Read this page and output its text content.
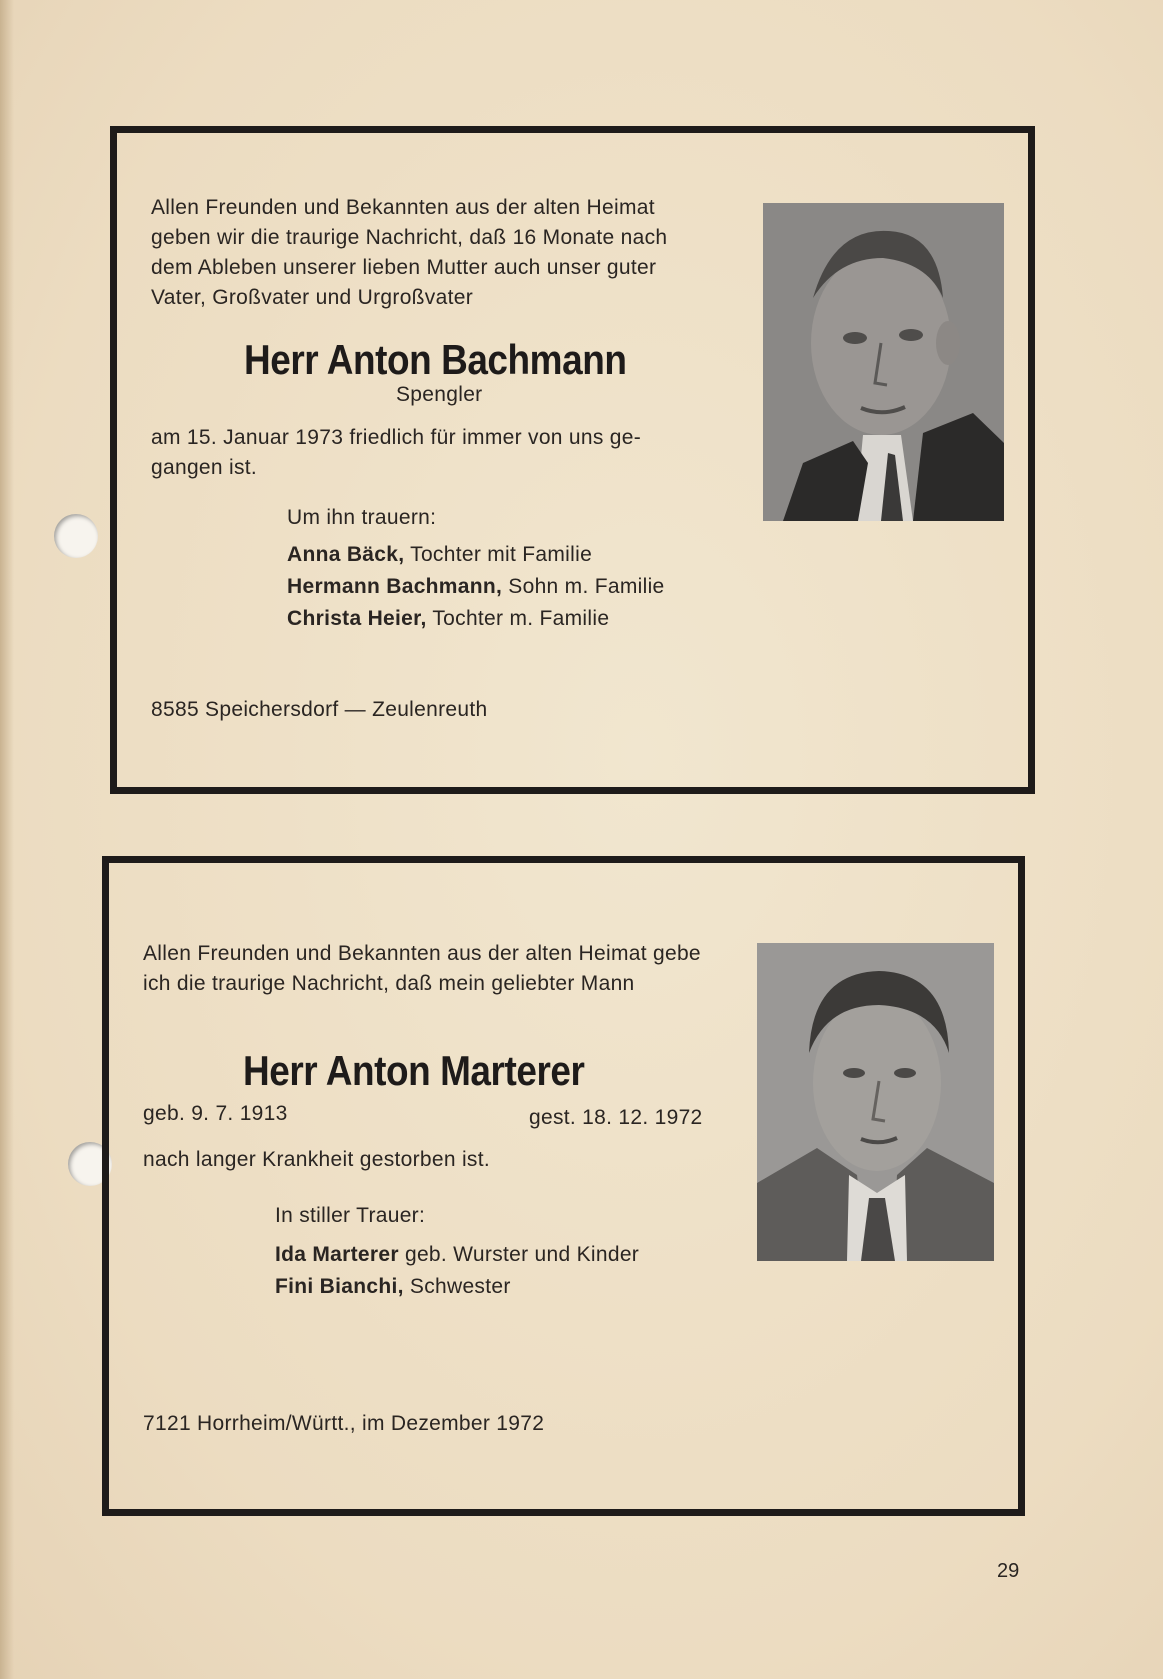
Allen Freunden und Bekannten aus der alten Heimat geben wir die traurige Nachricht, daß 16 Monate nach dem Ableben unserer lieben Mutter auch unser guter Vater, Großvater und Urgroßvater

Herr Anton Bachmann
Spengler

am 15. Januar 1973 friedlich für immer von uns ge-gangen ist.

Um ihn trauern:
Anna Bäck, Tochter mit Familie
Hermann Bachmann, Sohn m. Familie
Christa Heier, Tochter m. Familie
8585 Speichersdorf — Zeulenreuth

Allen Freunden und Bekannten aus der alten Heimat gebe ich die traurige Nachricht, daß mein geliebter Mann

Herr Anton Marterer
geb. 9. 7. 1913	gest. 18. 12. 1972
nach langer Krankheit gestorben ist.
In stiller Trauer:
Ida Marterer geb. Wurster und Kinder
Fini Bianchi, Schwester
7121 Horrheim/Württ., im Dezember 1972
29
